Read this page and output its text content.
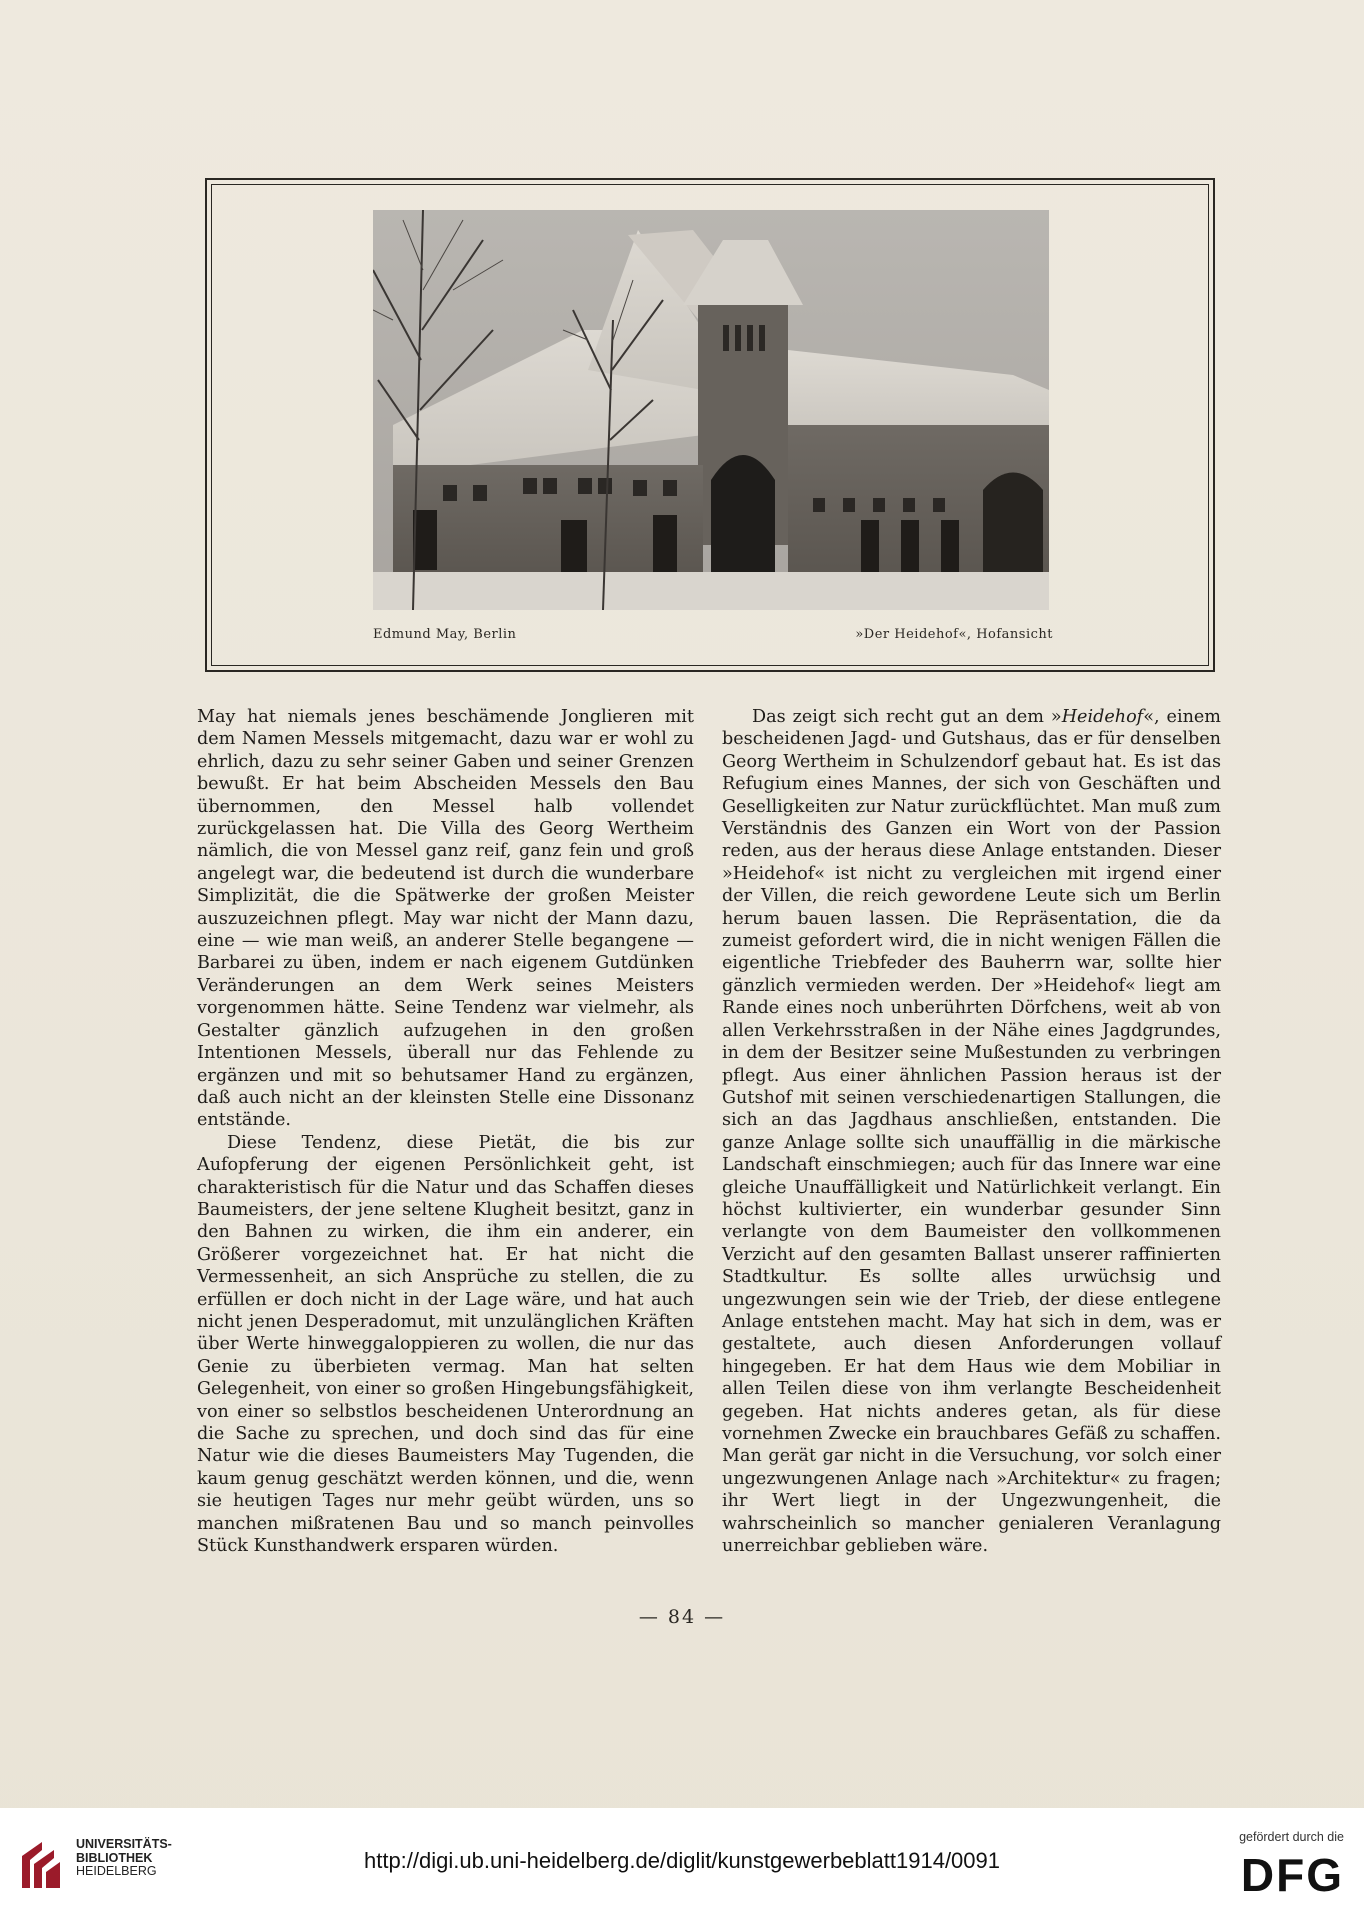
Edmund May, Berlin	»Der Heidehof«, Hofansicht

May hat niemals jenes beschämende Jonglieren mit dem Namen Messels mitgemacht, dazu war er wohl zu ehrlich, dazu zu sehr seiner Gaben und seiner Grenzen bewußt. Er hat beim Abscheiden Messels den Bau übernommen, den Messel halb vollendet zurückgelassen hat. Die Villa des Georg Wertheim nämlich, die von Messel ganz reif, ganz fein und groß angelegt war, die bedeutend ist durch die wunderbare Simplizität, die die Spätwerke der großen Meister auszuzeichnen pflegt. May war nicht der Mann dazu, eine — wie man weiß, an anderer Stelle begangene — Barbarei zu üben, indem er nach eigenem Gutdünken Veränderungen an dem Werk seines Meisters vorgenommen hätte. Seine Tendenz war vielmehr, als Gestalter gänzlich aufzugehen in den großen Intentionen Messels, überall nur das Fehlende zu ergänzen und mit so behutsamer Hand zu ergänzen, daß auch nicht an der kleinsten Stelle eine Dissonanz entstände.

Diese Tendenz, diese Pietät, die bis zur Aufopferung der eigenen Persönlichkeit geht, ist charakteristisch für die Natur und das Schaffen dieses Baumeisters, der jene seltene Klugheit besitzt, ganz in den Bahnen zu wirken, die ihm ein anderer, ein Größerer vorgezeichnet hat. Er hat nicht die Vermessenheit, an sich Ansprüche zu stellen, die zu erfüllen er doch nicht in der Lage wäre, und hat auch nicht jenen Desperadomut, mit unzulänglichen Kräften über Werte hinweggaloppieren zu wollen, die nur das Genie zu überbieten vermag. Man hat selten Gelegenheit, von einer so großen Hingebungsfähigkeit, von einer so selbstlos bescheidenen Unterordnung an die Sache zu sprechen, und doch sind das für eine Natur wie die dieses Baumeisters May Tugenden, die kaum genug geschätzt werden können, und die, wenn sie heutigen Tages nur mehr geübt würden, uns so manchen mißratenen Bau und so manch peinvolles Stück Kunsthandwerk ersparen würden.

Das zeigt sich recht gut an dem »Heidehof«, einem bescheidenen Jagd- und Gutshaus, das er für denselben Georg Wertheim in Schulzendorf gebaut hat. Es ist das Refugium eines Mannes, der sich von Geschäften und Geselligkeiten zur Natur zurückflüchtet. Man muß zum Verständnis des Ganzen ein Wort von der Passion reden, aus der heraus diese Anlage entstanden. Dieser »Heidehof« ist nicht zu vergleichen mit irgend einer der Villen, die reich gewordene Leute sich um Berlin herum bauen lassen. Die Repräsentation, die da zumeist gefordert wird, die in nicht wenigen Fällen die eigentliche Triebfeder des Bauherrn war, sollte hier gänzlich vermieden werden. Der »Heidehof« liegt am Rande eines noch unberührten Dörfchens, weit ab von allen Verkehrsstraßen in der Nähe eines Jagdgrundes, in dem der Besitzer seine Mußestunden zu verbringen pflegt. Aus einer ähnlichen Passion heraus ist der Gutshof mit seinen verschiedenartigen Stallungen, die sich an das Jagdhaus anschließen, entstanden. Die ganze Anlage sollte sich unauffällig in die märkische Landschaft einschmiegen; auch für das Innere war eine gleiche Unauffälligkeit und Natürlichkeit verlangt. Ein höchst kultivierter, ein wunderbar gesunder Sinn verlangte von dem Baumeister den vollkommenen Verzicht auf den gesamten Ballast unserer raffinierten Stadtkultur. Es sollte alles urwüchsig und ungezwungen sein wie der Trieb, der diese entlegene Anlage entstehen macht. May hat sich in dem, was er gestaltete, auch diesen Anforderungen vollauf hingegeben. Er hat dem Haus wie dem Mobiliar in allen Teilen diese von ihm verlangte Bescheidenheit gegeben. Hat nichts anderes getan, als für diese vornehmen Zwecke ein brauchbares Gefäß zu schaffen. Man gerät gar nicht in die Versuchung, vor solch einer ungezwungenen Anlage nach »Architektur« zu fragen; ihr Wert liegt in der Ungezwungenheit, die wahrscheinlich so mancher genialeren Veranlagung unerreichbar geblieben wäre.

— 84 —
UNIVERSITÄTS-
BIBLIOTHEK
HEIDELBERG	http://digi.ub.uni-heidelberg.de/diglit/kunstgewerbeblatt1914/0091
gefördert durch die
DFG
